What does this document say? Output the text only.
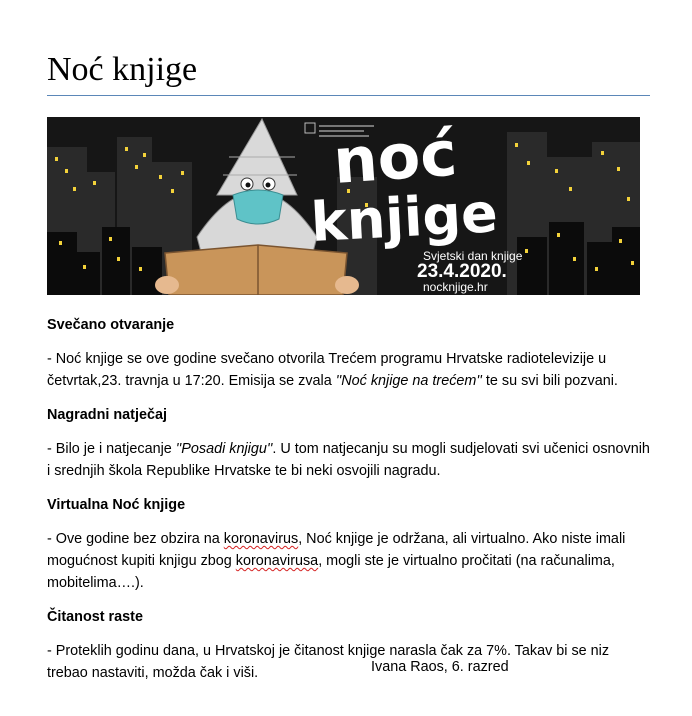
Noć knjige
noć
knjige
Svjetski dan knjige
23.4.2020.
nocknjige.hr
Svečano otvaranje

- Noć knjige se ove godine svečano otvorila Trećem programu Hrvatske radiotelevizije u četvrtak,23. travnja u 17:20. Emisija se zvala ''Noć knjige na trećem'' te su svi bili pozvani.

Nagradni natječaj

- Bilo je i natjecanje ''Posadi knjigu''. U tom natjecanju su mogli sudjelovati svi učenici osnovnih i srednjih škola Republike Hrvatske te bi neki osvojili nagradu.

Virtualna Noć knjige

- Ove godine bez obzira na koronavirus, Noć knjige je održana, ali virtualno. Ako niste imali mogućnost kupiti knjigu zbog koronavirusa, mogli ste je virtualno pročitati (na računalima, mobitelima….).

Čitanost raste

- Proteklih godinu dana, u Hrvatskoj je čitanost knjige narasla čak za 7%. Takav bi se niz trebao nastaviti, možda čak i viši.	Ivana Raos, 6. razred
